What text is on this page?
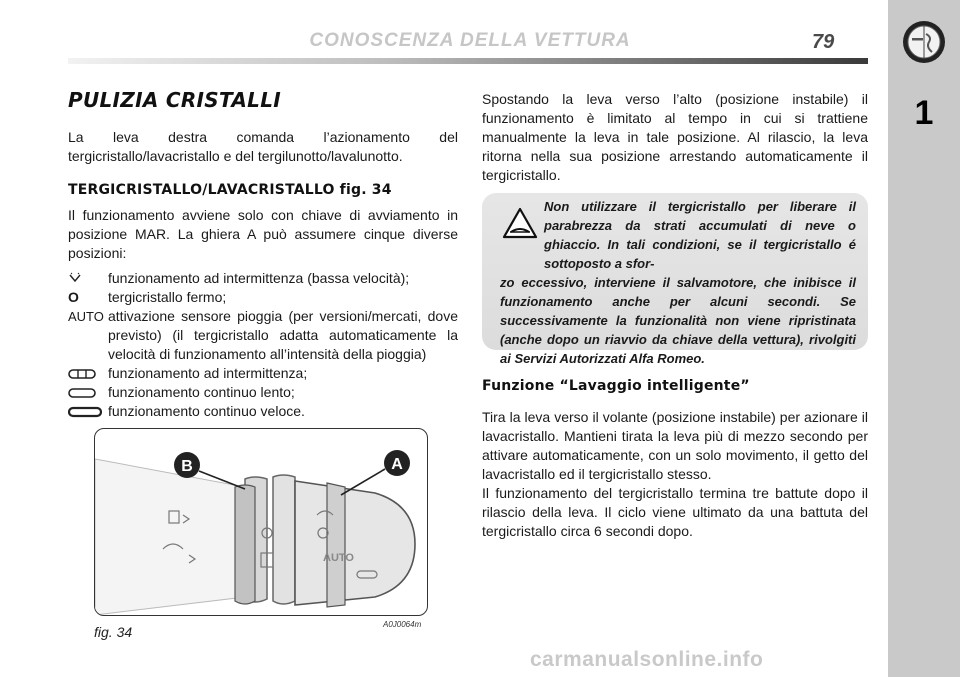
CONOSCENZA DELLA VETTURA	79
1
PULIZIA CRISTALLI

La leva destra comanda l’azionamento del tergicristallo/lavacristallo e del tergilunotto/lavalunotto.

TERGICRISTALLO/LAVACRISTALLO fig. 34

Il funzionamento avviene solo con chiave di avviamento in posizione MAR. La ghiera A può assumere cinque diverse posizioni:

funzionamento ad intermittenza (bassa velocità);
O	tergicristallo fermo;
AUTO attivazione sensore pioggia (per versioni/mercati, dove previsto) (il tergicristallo adatta automaticamente la velocità di funzionamento all’intensità della pioggia)
funzionamento ad intermittenza;
funzionamento continuo lento;
funzionamento continuo veloce.
AUTO
B	A
fig. 34	A0J0064m

Spostando la leva verso l’alto (posizione instabile) il funzionamento è limitato al tempo in cui si trattiene manualmente la leva in tale posizione. Al rilascio, la leva ritorna nella sua posizione arrestando automaticamente il tergicristallo.

Non utilizzare il tergicristallo per liberare il parabrezza da strati accumulati di neve o ghiaccio. In tali condizioni, se il tergicristallo é sottoposto a sfor-
zo eccessivo, interviene il salvamotore, che inibisce il funzionamento anche per alcuni secondi. Se successivamente la funzionalità non viene ripristinata (anche dopo un riavvio da chiave della vettura), rivolgiti ai Servizi Autorizzati Alfa Romeo.
Funzione “Lavaggio intelligente”

Tira la leva verso il volante (posizione instabile) per azionare il lavacristallo. Mantieni tirata la leva più di mezzo secondo per attivare automaticamente, con un solo movimento, il getto del lavacristallo ed il tergicristallo stesso.

Il funzionamento del tergicristallo termina tre battute dopo il rilascio della leva. Il ciclo viene ultimato da una battuta del tergicristallo circa 6 secondi dopo.

carmanualsonline.info
